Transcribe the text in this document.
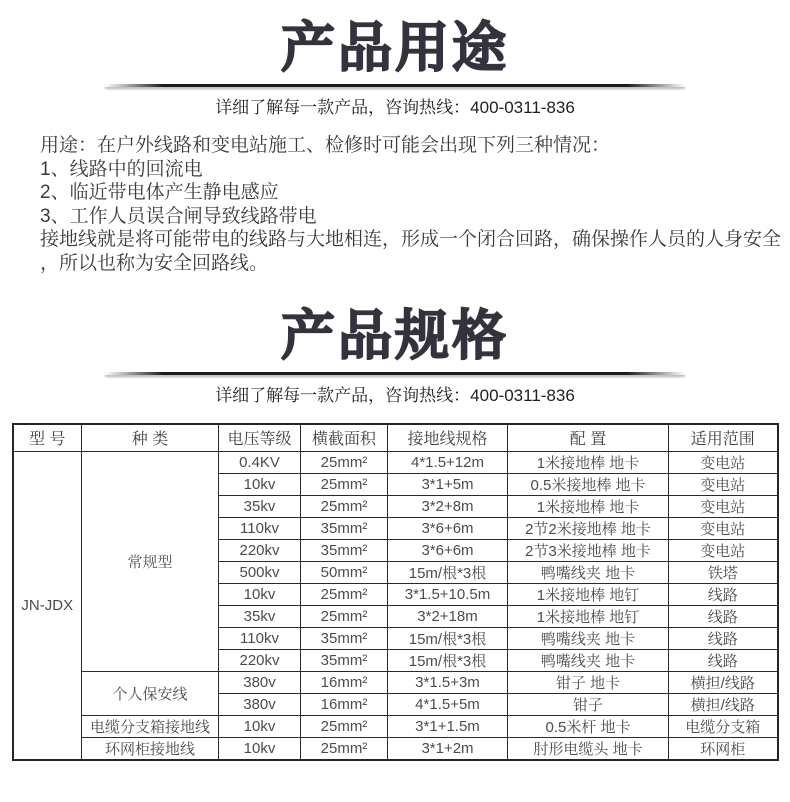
产品用途
详细了解每一款产品，咨询热线：400-0311-836
用途：在户外线路和变电站施工、检修时可能会出现下列三种情况：
1、线路中的回流电
2、临近带电体产生静电感应
3、工作人员误合闸导致线路带电
接地线就是将可能带电的线路与大地相连，形成一个闭合回路，确保操作人员的人身安全
，所以也称为安全回路线。
产品规格
详细了解每一款产品，咨询热线：400-0311-836
型 号	种 类	电压等级	横截面积	接地线规格	配 置	适用范围
JN-JDX	常规型	0.4KV	25mm²	4*1.5+12m	1米接地棒 地卡	变电站
		10kv	25mm²	3*1+5m	0.5米接地棒 地卡	变电站
		35kv	25mm²	3*2+8m	1米接地棒 地卡	变电站
		110kv	35mm²	3*6+6m	2节2米接地棒 地卡	变电站
		220kv	35mm²	3*6+6m	2节3米接地棒 地卡	变电站
		500kv	50mm²	15m/根*3根	鸭嘴线夹 地卡	铁塔
		10kv	25mm²	3*1.5+10.5m	1米接地棒 地钉	线路
		35kv	25mm²	3*2+18m	1米接地棒 地钉	线路
		110kv	35mm²	15m/根*3根	鸭嘴线夹 地卡	线路
		220kv	35mm²	15m/根*3根	鸭嘴线夹 地卡	线路
	个人保安线	380v	16mm²	3*1.5+3m	钳子 地卡	横担/线路
		380v	16mm²	4*1.5+5m	钳子	横担/线路
	电缆分支箱接地线	10kv	25mm²	3*1+1.5m	0.5米杆 地卡	电缆分支箱
	环网柜接地线	10kv	25mm²	3*1+2m	肘形电缆头 地卡	环网柜
